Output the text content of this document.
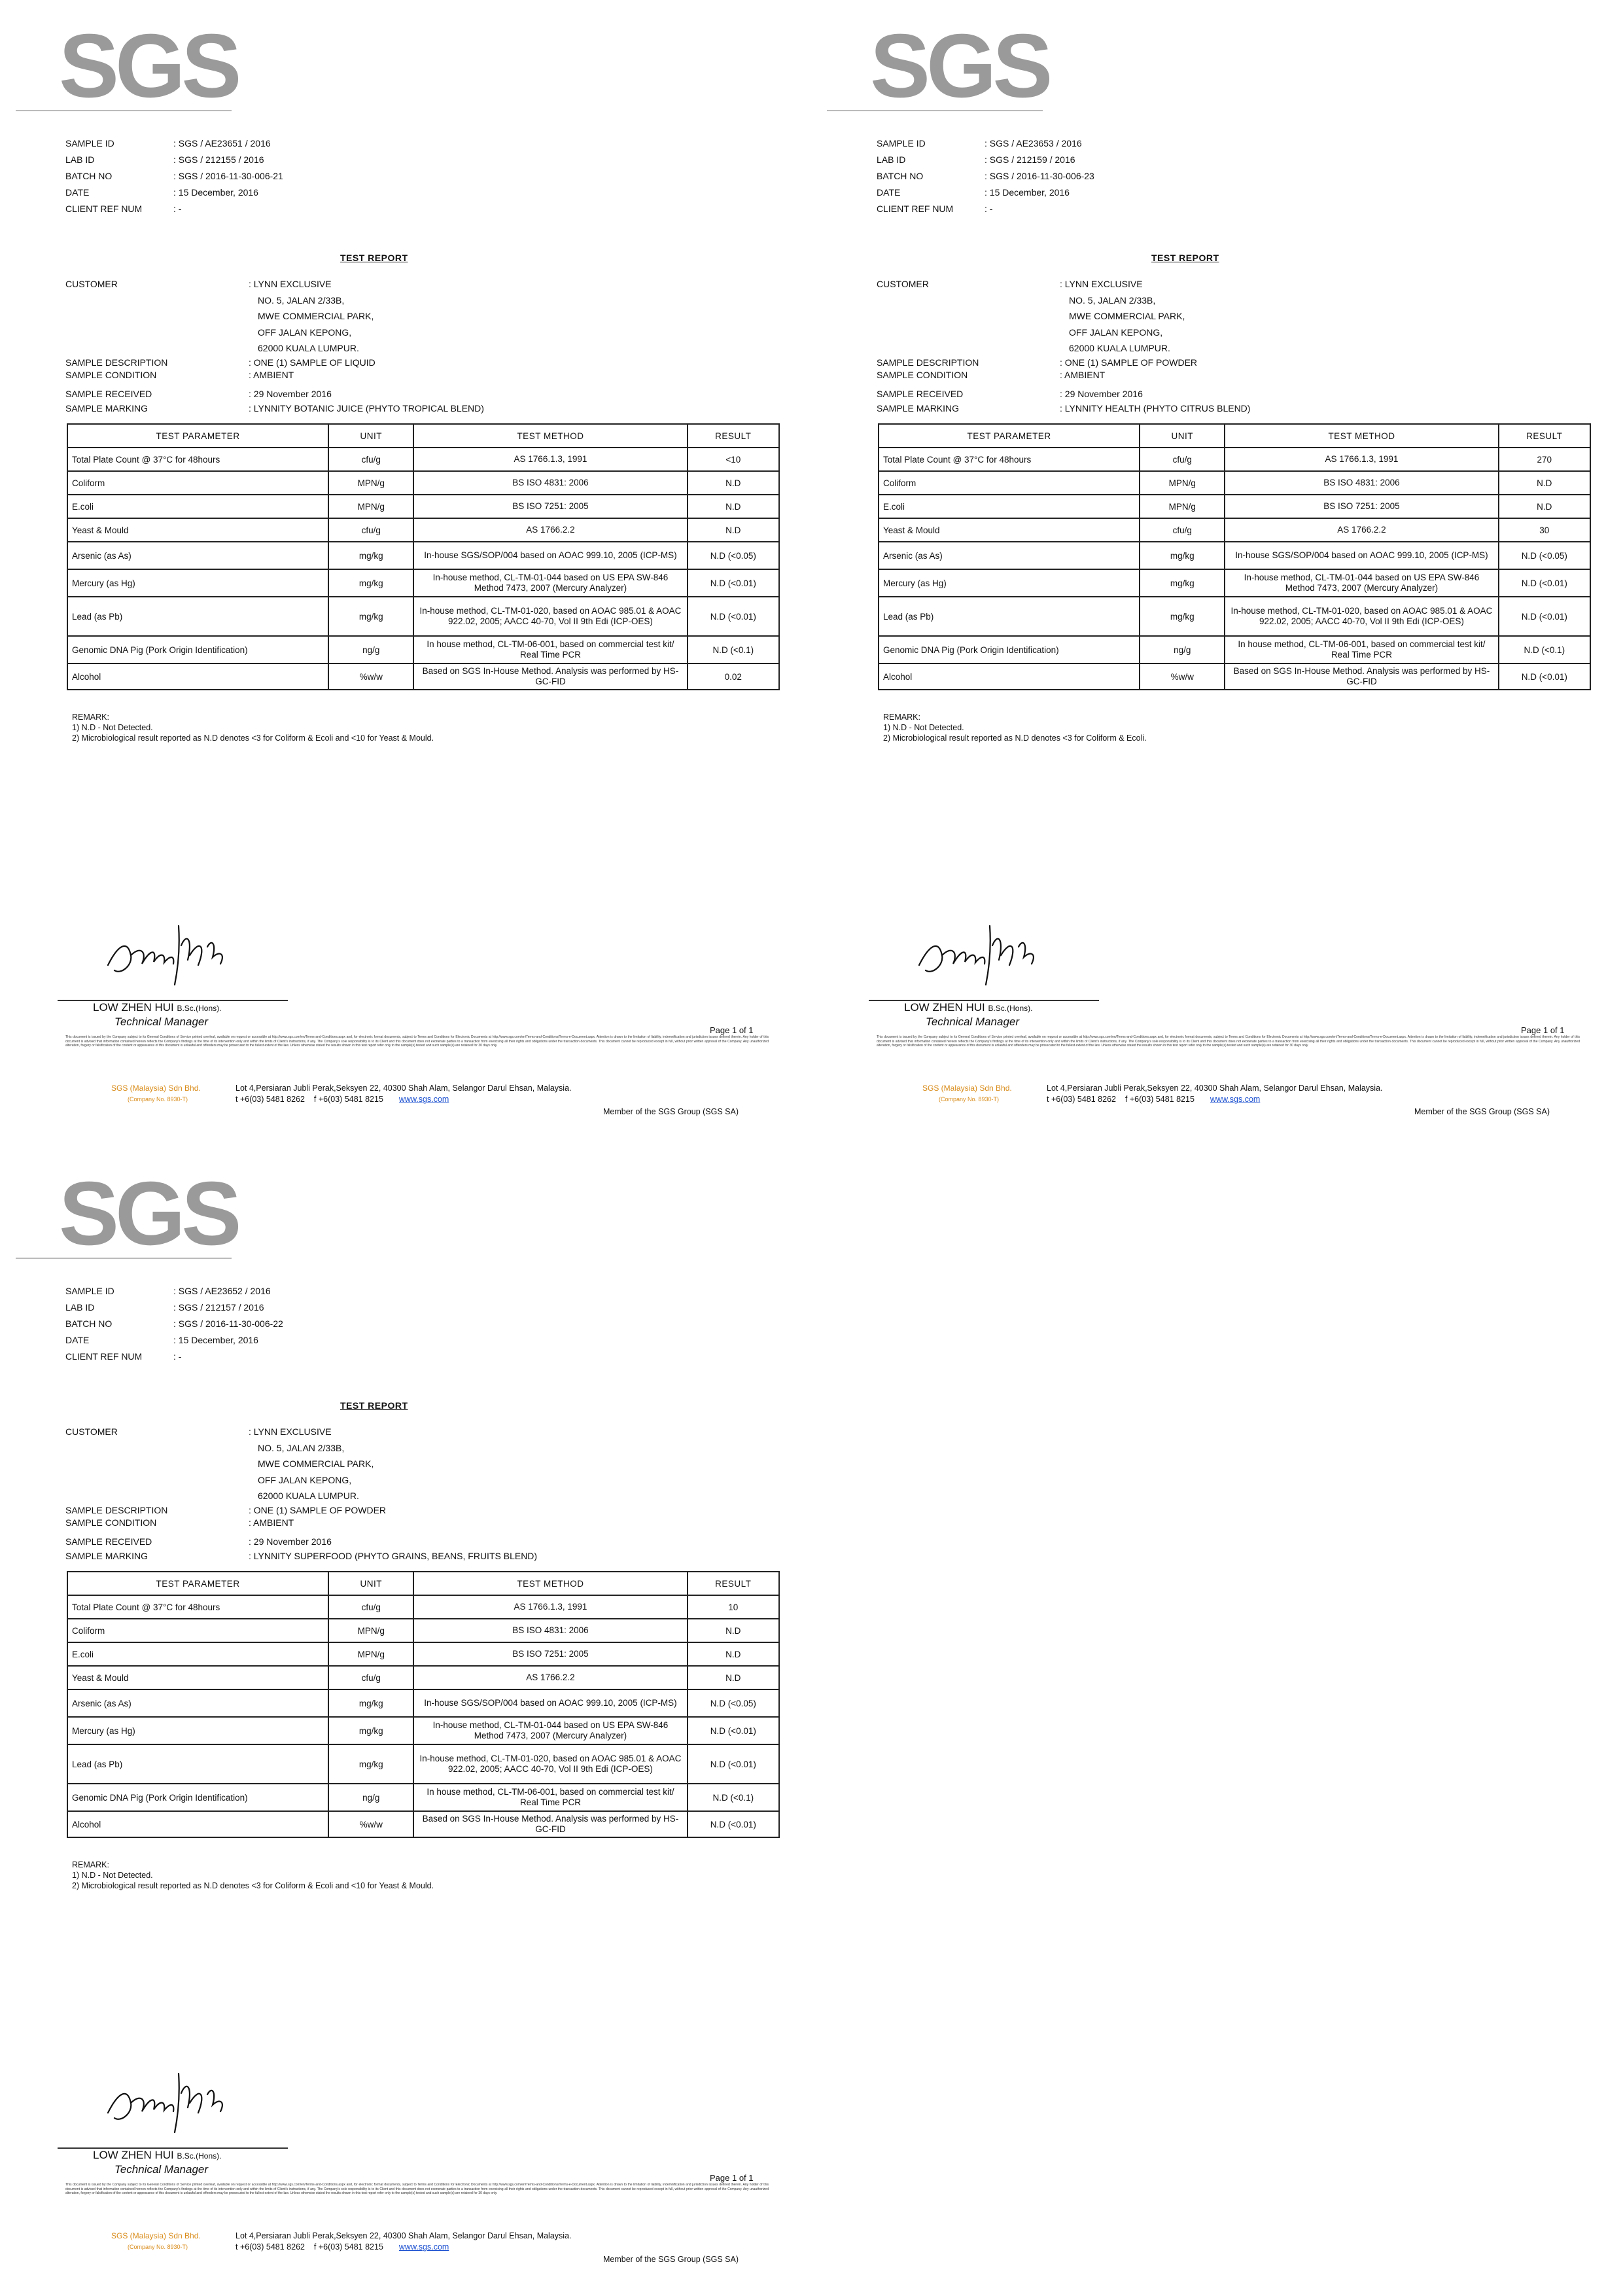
SGS
SAMPLE ID	: SGS / AE23651 / 2016
LAB ID	: SGS / 212155 / 2016
BATCH NO	: SGS / 2016-11-30-006-21
DATE	: 15 December, 2016
CLIENT REF NUM	: -
TEST REPORT
CUSTOMER	: LYNN EXCLUSIVE
NO. 5, JALAN 2/33B,
MWE COMMERCIAL PARK,
OFF JALAN KEPONG,
62000 KUALA LUMPUR.
SAMPLE DESCRIPTION	: ONE (1) SAMPLE OF LIQUID
SAMPLE CONDITION	: AMBIENT
SAMPLE RECEIVED	: 29 November 2016
SAMPLE MARKING	: LYNNITY BOTANIC JUICE (PHYTO TROPICAL BLEND)
TEST PARAMETER	UNIT	TEST METHOD	RESULT
Total Plate Count @ 37°C for 48hours	cfu/g	AS 1766.1.3, 1991	<10
Coliform	MPN/g	BS ISO 4831: 2006	N.D
E.coli	MPN/g	BS ISO 7251: 2005	N.D
Yeast & Mould	cfu/g	AS 1766.2.2	N.D
Arsenic (as As)	mg/kg	In-house SGS/SOP/004 based on AOAC 999.10, 2005 (ICP-MS)	N.D (<0.05)
Mercury (as Hg)	mg/kg	In-house method, CL-TM-01-044 based on US EPA SW-846 Method 7473, 2007 (Mercury Analyzer)	N.D (<0.01)
Lead (as Pb)	mg/kg	In-house method, CL-TM-01-020, based on AOAC 985.01 & AOAC 922.02, 2005; AACC 40-70, Vol II 9th Edi (ICP-OES)	N.D (<0.01)
Genomic DNA Pig (Pork Origin Identification)	ng/g	In house method, CL-TM-06-001, based on commercial test kit/ Real Time PCR	N.D (<0.1)
Alcohol	%w/w	Based on SGS In-House Method. Analysis was performed by HS-GC-FID	0.02
REMARK:
1) N.D - Not Detected.
2) Microbiological result reported as N.D denotes <3 for Coliform & Ecoli and <10 for Yeast & Mould.
LOW ZHEN HUI B.Sc.(Hons).
Technical Manager
Page 1 of 1
This document is issued by the Company subject to its General Conditions of Service printed overleaf, available on request or accessible at http://www.sgs.com/en/Terms-and-Conditions.aspx and, for electronic format documents, subject to Terms and Conditions for Electronic Documents at http://www.sgs.com/en/Terms-and-Conditions/Terms-e-Document.aspx. Attention is drawn to the limitation of liability, indemnification and jurisdiction issues defined therein. Any holder of this document is advised that information contained hereon reflects the Company's findings at the time of its intervention only and within the limits of Client's instructions, if any. The Company's sole responsibility is to its Client and this document does not exonerate parties to a transaction from exercising all their rights and obligations under the transaction documents. This document cannot be reproduced except in full, without prior written approval of the Company. Any unauthorized alteration, forgery or falsification of the content or appearance of this document is unlawful and offenders may be prosecuted to the fullest extent of the law. Unless otherwise stated the results shown in this test report refer only to the sample(s) tested and such sample(s) are retained for 30 days only.
SGS (Malaysia) Sdn Bhd.
(Company No. 8930-T)
Lot 4,Persiaran Jubli Perak,Seksyen 22, 40300 Shah Alam, Selangor Darul Ehsan, Malaysia.
t +6(03) 5481 8262 f +6(03) 5481 8215 www.sgs.com
Member of the SGS Group (SGS SA)
SGS
SAMPLE ID	: SGS / AE23653 / 2016
LAB ID	: SGS / 212159 / 2016
BATCH NO	: SGS / 2016-11-30-006-23
DATE	: 15 December, 2016
CLIENT REF NUM	: -
TEST REPORT
CUSTOMER	: LYNN EXCLUSIVE
NO. 5, JALAN 2/33B,
MWE COMMERCIAL PARK,
OFF JALAN KEPONG,
62000 KUALA LUMPUR.
SAMPLE DESCRIPTION	: ONE (1) SAMPLE OF POWDER
SAMPLE CONDITION	: AMBIENT
SAMPLE RECEIVED	: 29 November 2016
SAMPLE MARKING	: LYNNITY HEALTH (PHYTO CITRUS BLEND)
TEST PARAMETER	UNIT	TEST METHOD	RESULT
Total Plate Count @ 37°C for 48hours	cfu/g	AS 1766.1.3, 1991	270
Coliform	MPN/g	BS ISO 4831: 2006	N.D
E.coli	MPN/g	BS ISO 7251: 2005	N.D
Yeast & Mould	cfu/g	AS 1766.2.2	30
Arsenic (as As)	mg/kg	In-house SGS/SOP/004 based on AOAC 999.10, 2005 (ICP-MS)	N.D (<0.05)
Mercury (as Hg)	mg/kg	In-house method, CL-TM-01-044 based on US EPA SW-846 Method 7473, 2007 (Mercury Analyzer)	N.D (<0.01)
Lead (as Pb)	mg/kg	In-house method, CL-TM-01-020, based on AOAC 985.01 & AOAC 922.02, 2005; AACC 40-70, Vol II 9th Edi (ICP-OES)	N.D (<0.01)
Genomic DNA Pig (Pork Origin Identification)	ng/g	In house method, CL-TM-06-001, based on commercial test kit/ Real Time PCR	N.D (<0.1)
Alcohol	%w/w	Based on SGS In-House Method. Analysis was performed by HS-GC-FID	N.D (<0.01)
REMARK:
1) N.D - Not Detected.
2) Microbiological result reported as N.D denotes <3 for Coliform & Ecoli.
LOW ZHEN HUI B.Sc.(Hons).
Technical Manager
Page 1 of 1
This document is issued by the Company subject to its General Conditions of Service printed overleaf, available on request or accessible at http://www.sgs.com/en/Terms-and-Conditions.aspx and, for electronic format documents, subject to Terms and Conditions for Electronic Documents at http://www.sgs.com/en/Terms-and-Conditions/Terms-e-Document.aspx. Attention is drawn to the limitation of liability, indemnification and jurisdiction issues defined therein. Any holder of this document is advised that information contained hereon reflects the Company's findings at the time of its intervention only and within the limits of Client's instructions, if any. The Company's sole responsibility is to its Client and this document does not exonerate parties to a transaction from exercising all their rights and obligations under the transaction documents. This document cannot be reproduced except in full, without prior written approval of the Company. Any unauthorized alteration, forgery or falsification of the content or appearance of this document is unlawful and offenders may be prosecuted to the fullest extent of the law. Unless otherwise stated the results shown in this test report refer only to the sample(s) tested and such sample(s) are retained for 30 days only.
SGS (Malaysia) Sdn Bhd.
(Company No. 8930-T)
Lot 4,Persiaran Jubli Perak,Seksyen 22, 40300 Shah Alam, Selangor Darul Ehsan, Malaysia.
t +6(03) 5481 8262 f +6(03) 5481 8215 www.sgs.com
Member of the SGS Group (SGS SA)
SGS
SAMPLE ID	: SGS / AE23652 / 2016
LAB ID	: SGS / 212157 / 2016
BATCH NO	: SGS / 2016-11-30-006-22
DATE	: 15 December, 2016
CLIENT REF NUM	: -
TEST REPORT
CUSTOMER	: LYNN EXCLUSIVE
NO. 5, JALAN 2/33B,
MWE COMMERCIAL PARK,
OFF JALAN KEPONG,
62000 KUALA LUMPUR.
SAMPLE DESCRIPTION	: ONE (1) SAMPLE OF POWDER
SAMPLE CONDITION	: AMBIENT
SAMPLE RECEIVED	: 29 November 2016
SAMPLE MARKING	: LYNNITY SUPERFOOD (PHYTO GRAINS, BEANS, FRUITS BLEND)
TEST PARAMETER	UNIT	TEST METHOD	RESULT
Total Plate Count @ 37°C for 48hours	cfu/g	AS 1766.1.3, 1991	10
Coliform	MPN/g	BS ISO 4831: 2006	N.D
E.coli	MPN/g	BS ISO 7251: 2005	N.D
Yeast & Mould	cfu/g	AS 1766.2.2	N.D
Arsenic (as As)	mg/kg	In-house SGS/SOP/004 based on AOAC 999.10, 2005 (ICP-MS)	N.D (<0.05)
Mercury (as Hg)	mg/kg	In-house method, CL-TM-01-044 based on US EPA SW-846 Method 7473, 2007 (Mercury Analyzer)	N.D (<0.01)
Lead (as Pb)	mg/kg	In-house method, CL-TM-01-020, based on AOAC 985.01 & AOAC 922.02, 2005; AACC 40-70, Vol II 9th Edi (ICP-OES)	N.D (<0.01)
Genomic DNA Pig (Pork Origin Identification)	ng/g	In house method, CL-TM-06-001, based on commercial test kit/ Real Time PCR	N.D (<0.1)
Alcohol	%w/w	Based on SGS In-House Method. Analysis was performed by HS-GC-FID	N.D (<0.01)
REMARK:
1) N.D - Not Detected.
2) Microbiological result reported as N.D denotes <3 for Coliform & Ecoli and <10 for Yeast & Mould.
LOW ZHEN HUI B.Sc.(Hons).
Technical Manager
Page 1 of 1
This document is issued by the Company subject to its General Conditions of Service printed overleaf, available on request or accessible at http://www.sgs.com/en/Terms-and-Conditions.aspx and, for electronic format documents, subject to Terms and Conditions for Electronic Documents at http://www.sgs.com/en/Terms-and-Conditions/Terms-e-Document.aspx. Attention is drawn to the limitation of liability, indemnification and jurisdiction issues defined therein. Any holder of this document is advised that information contained hereon reflects the Company's findings at the time of its intervention only and within the limits of Client's instructions, if any. The Company's sole responsibility is to its Client and this document does not exonerate parties to a transaction from exercising all their rights and obligations under the transaction documents. This document cannot be reproduced except in full, without prior written approval of the Company. Any unauthorized alteration, forgery or falsification of the content or appearance of this document is unlawful and offenders may be prosecuted to the fullest extent of the law. Unless otherwise stated the results shown in this test report refer only to the sample(s) tested and such sample(s) are retained for 30 days only.
SGS (Malaysia) Sdn Bhd.
(Company No. 8930-T)
Lot 4,Persiaran Jubli Perak,Seksyen 22, 40300 Shah Alam, Selangor Darul Ehsan, Malaysia.
t +6(03) 5481 8262 f +6(03) 5481 8215 www.sgs.com
Member of the SGS Group (SGS SA)
